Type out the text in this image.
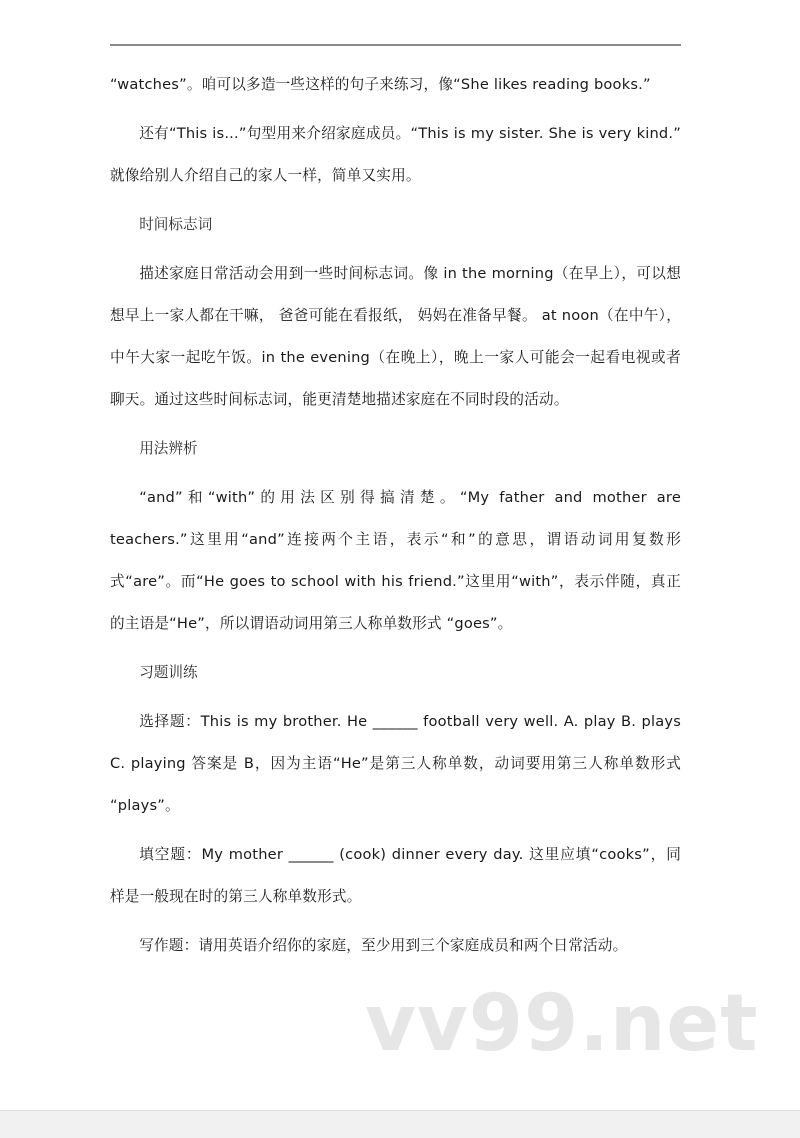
“watches”。咱可以多造一些这样的句子来练习，像“She likes reading books.”

还有“This is...”句型用来介绍家庭成员。“This is my sister. She is very kind.” 就像给别人介绍自己的家人一样，简单又实用。

时间标志词

描述家庭日常活动会用到一些时间标志词。像 in the morning（在早上），可以想想早上一家人都在干嘛， 爸爸可能在看报纸， 妈妈在准备早餐。 at noon（在中午），中午大家一起吃午饭。in the evening（在晚上），晚上一家人可能会一起看电视或者聊天。通过这些时间标志词，能更清楚地描述家庭在不同时段的活动。

用法辨析

“and”和“with”的用法区别得搞清楚。“My father and mother are teachers.”这里用“and”连接两个主语，表示“和”的意思，谓语动词用复数形式“are”。而“He goes to school with his friend.”这里用“with”，表示伴随，真正的主语是“He”，所以谓语动词用第三人称单数形式 “goes”。

习题训练

选择题：This is my brother. He ______ football very well. A. play B. plays C. playing 答案是 B，因为主语“He”是第三人称单数，动词要用第三人称单数形式 “plays”。

填空题：My mother ______ (cook) dinner every day. 这里应填“cooks”，同样是一般现在时的第三人称单数形式。

写作题：请用英语介绍你的家庭，至少用到三个家庭成员和两个日常活动。

vv99.net
